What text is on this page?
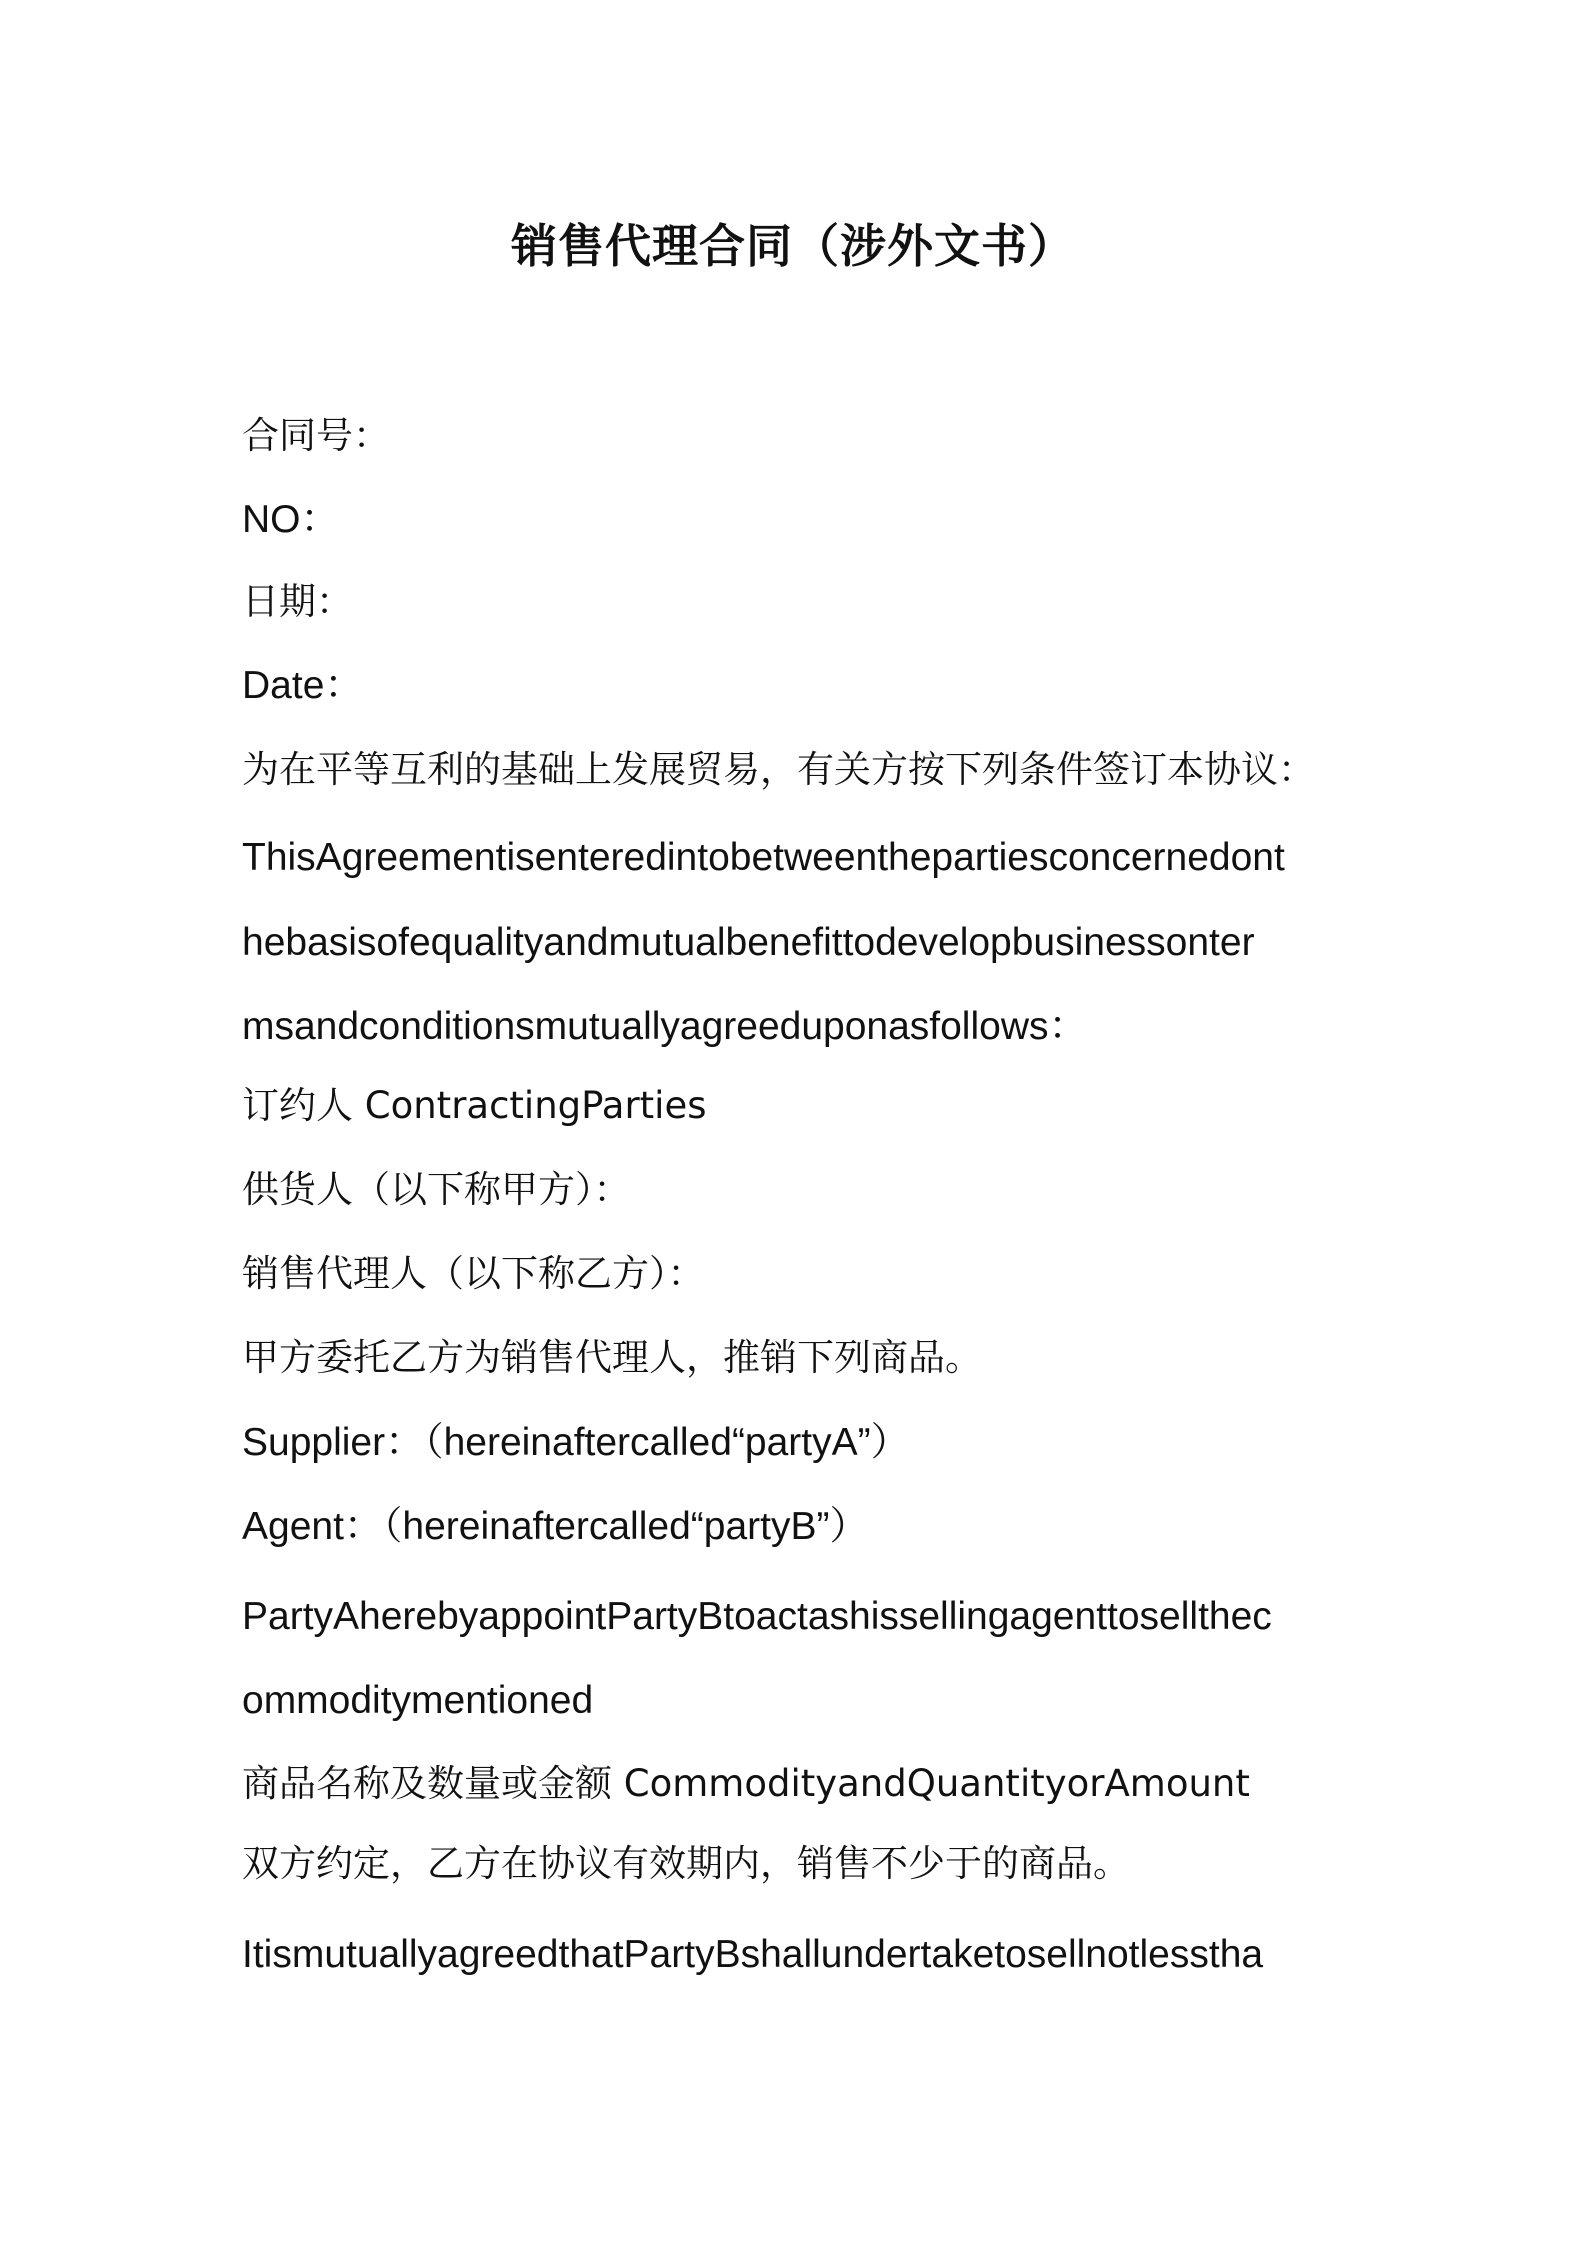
销售代理合同（涉外文书）
合同号：
NO：
日期：
Date：
为在平等互利的基础上发展贸易，有关方按下列条件签订本协议：
ThisAgreementisenteredintobetweenthepartiesconcernedont
hebasisofequalityandmutualbenefittodevelopbusinessonter
msandconditionsmutuallyagreeduponasfollows：
订约人 ContractingParties
供货人（以下称甲方）：
销售代理人（以下称乙方）：
甲方委托乙方为销售代理人，推销下列商品。
Supplier：（hereinaftercalled“partyA”）
Agent：（hereinaftercalled“partyB”）
PartyAherebyappointPartyBtoactashissellingagenttosellthec
ommoditymentioned
商品名称及数量或金额 CommodityandQuantityorAmount
双方约定，乙方在协议有效期内，销售不少于的商品。
ItismutuallyagreedthatPartyBshallundertaketosellnotlesstha
